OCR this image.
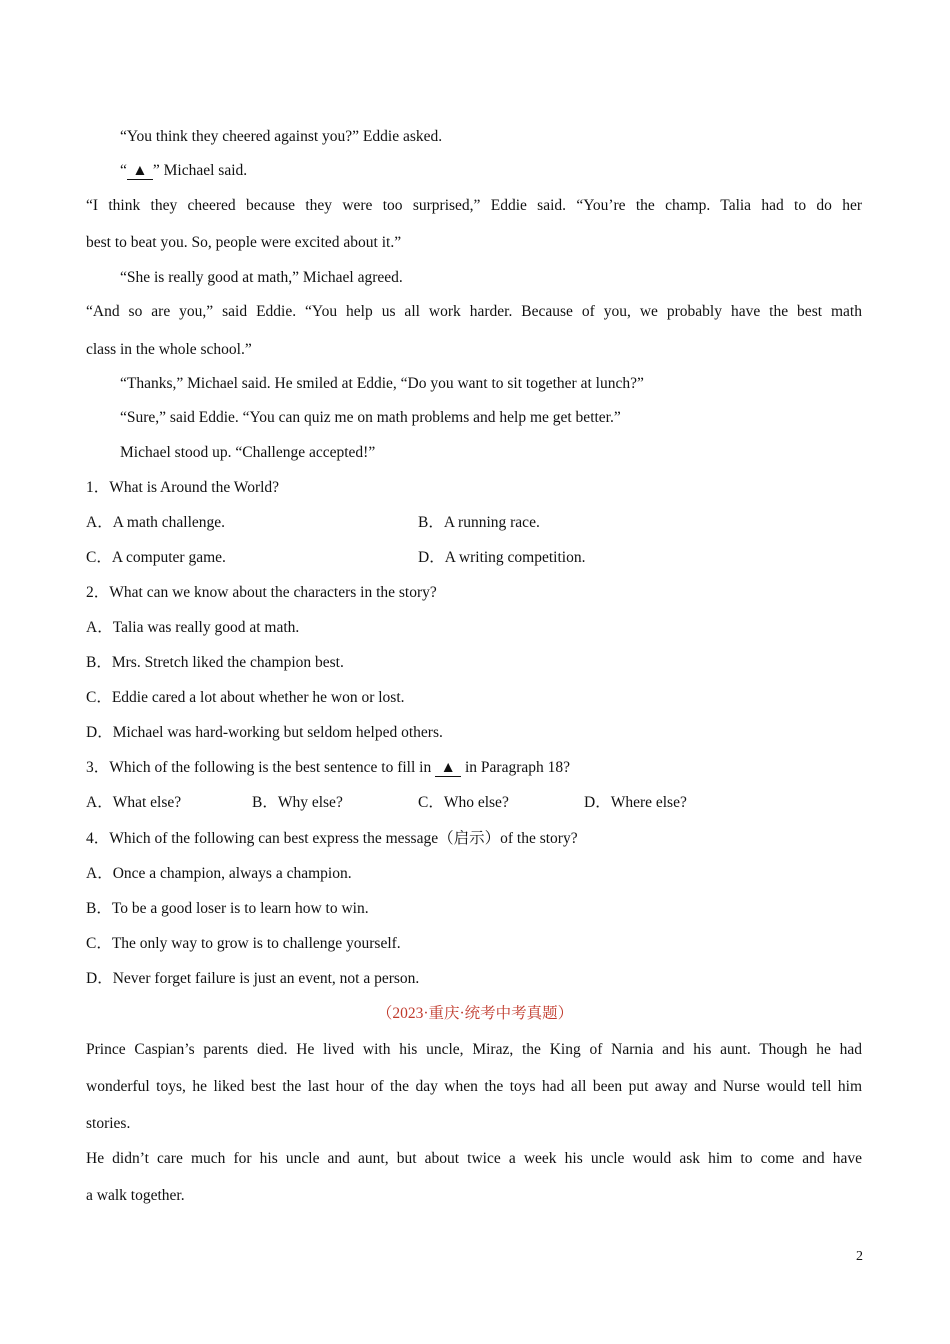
“You think they cheered against you?” Eddie asked.
“ ▲ ” Michael said.
“I think they cheered because they were too surprised,” Eddie said. “You’re the champ. Talia had to do her
best to beat you. So, people were excited about it.”
“She is really good at math,” Michael agreed.
“And so are you,” said Eddie. “You help us all work harder. Because of you, we probably have the best math
class in the whole school.”
“Thanks,” Michael said. He smiled at Eddie, “Do you want to sit together at lunch?”
“Sure,” said Eddie. “You can quiz me on math problems and help me get better.”
Michael stood up. “Challenge accepted!”
1．What is Around the World?
A．A math challenge.	B．A running race.
C．A computer game.	D．A writing competition.
2．What can we know about the characters in the story?
A．Talia was really good at math.
B．Mrs. Stretch liked the champion best.
C．Eddie cared a lot about whether he won or lost.
D．Michael was hard-working but seldom helped others.
3．Which of the following is the best sentence to fill in ▲ in Paragraph 18?
A．What else?	B．Why else?	C．Who else?	D．Where else?
4．Which of the following can best express the message（启示）of the story?
A．Once a champion, always a champion.
B．To be a good loser is to learn how to win.
C．The only way to grow is to challenge yourself.
D．Never forget failure is just an event, not a person.
（2023·重庆·统考中考真题）
Prince Caspian’s parents died. He lived with his uncle, Miraz, the King of Narnia and his aunt. Though he had
wonderful toys, he liked best the last hour of the day when the toys had all been put away and Nurse would tell him
stories.
He didn’t care much for his uncle and aunt, but about twice a week his uncle would ask him to come and have
a walk together.
2
